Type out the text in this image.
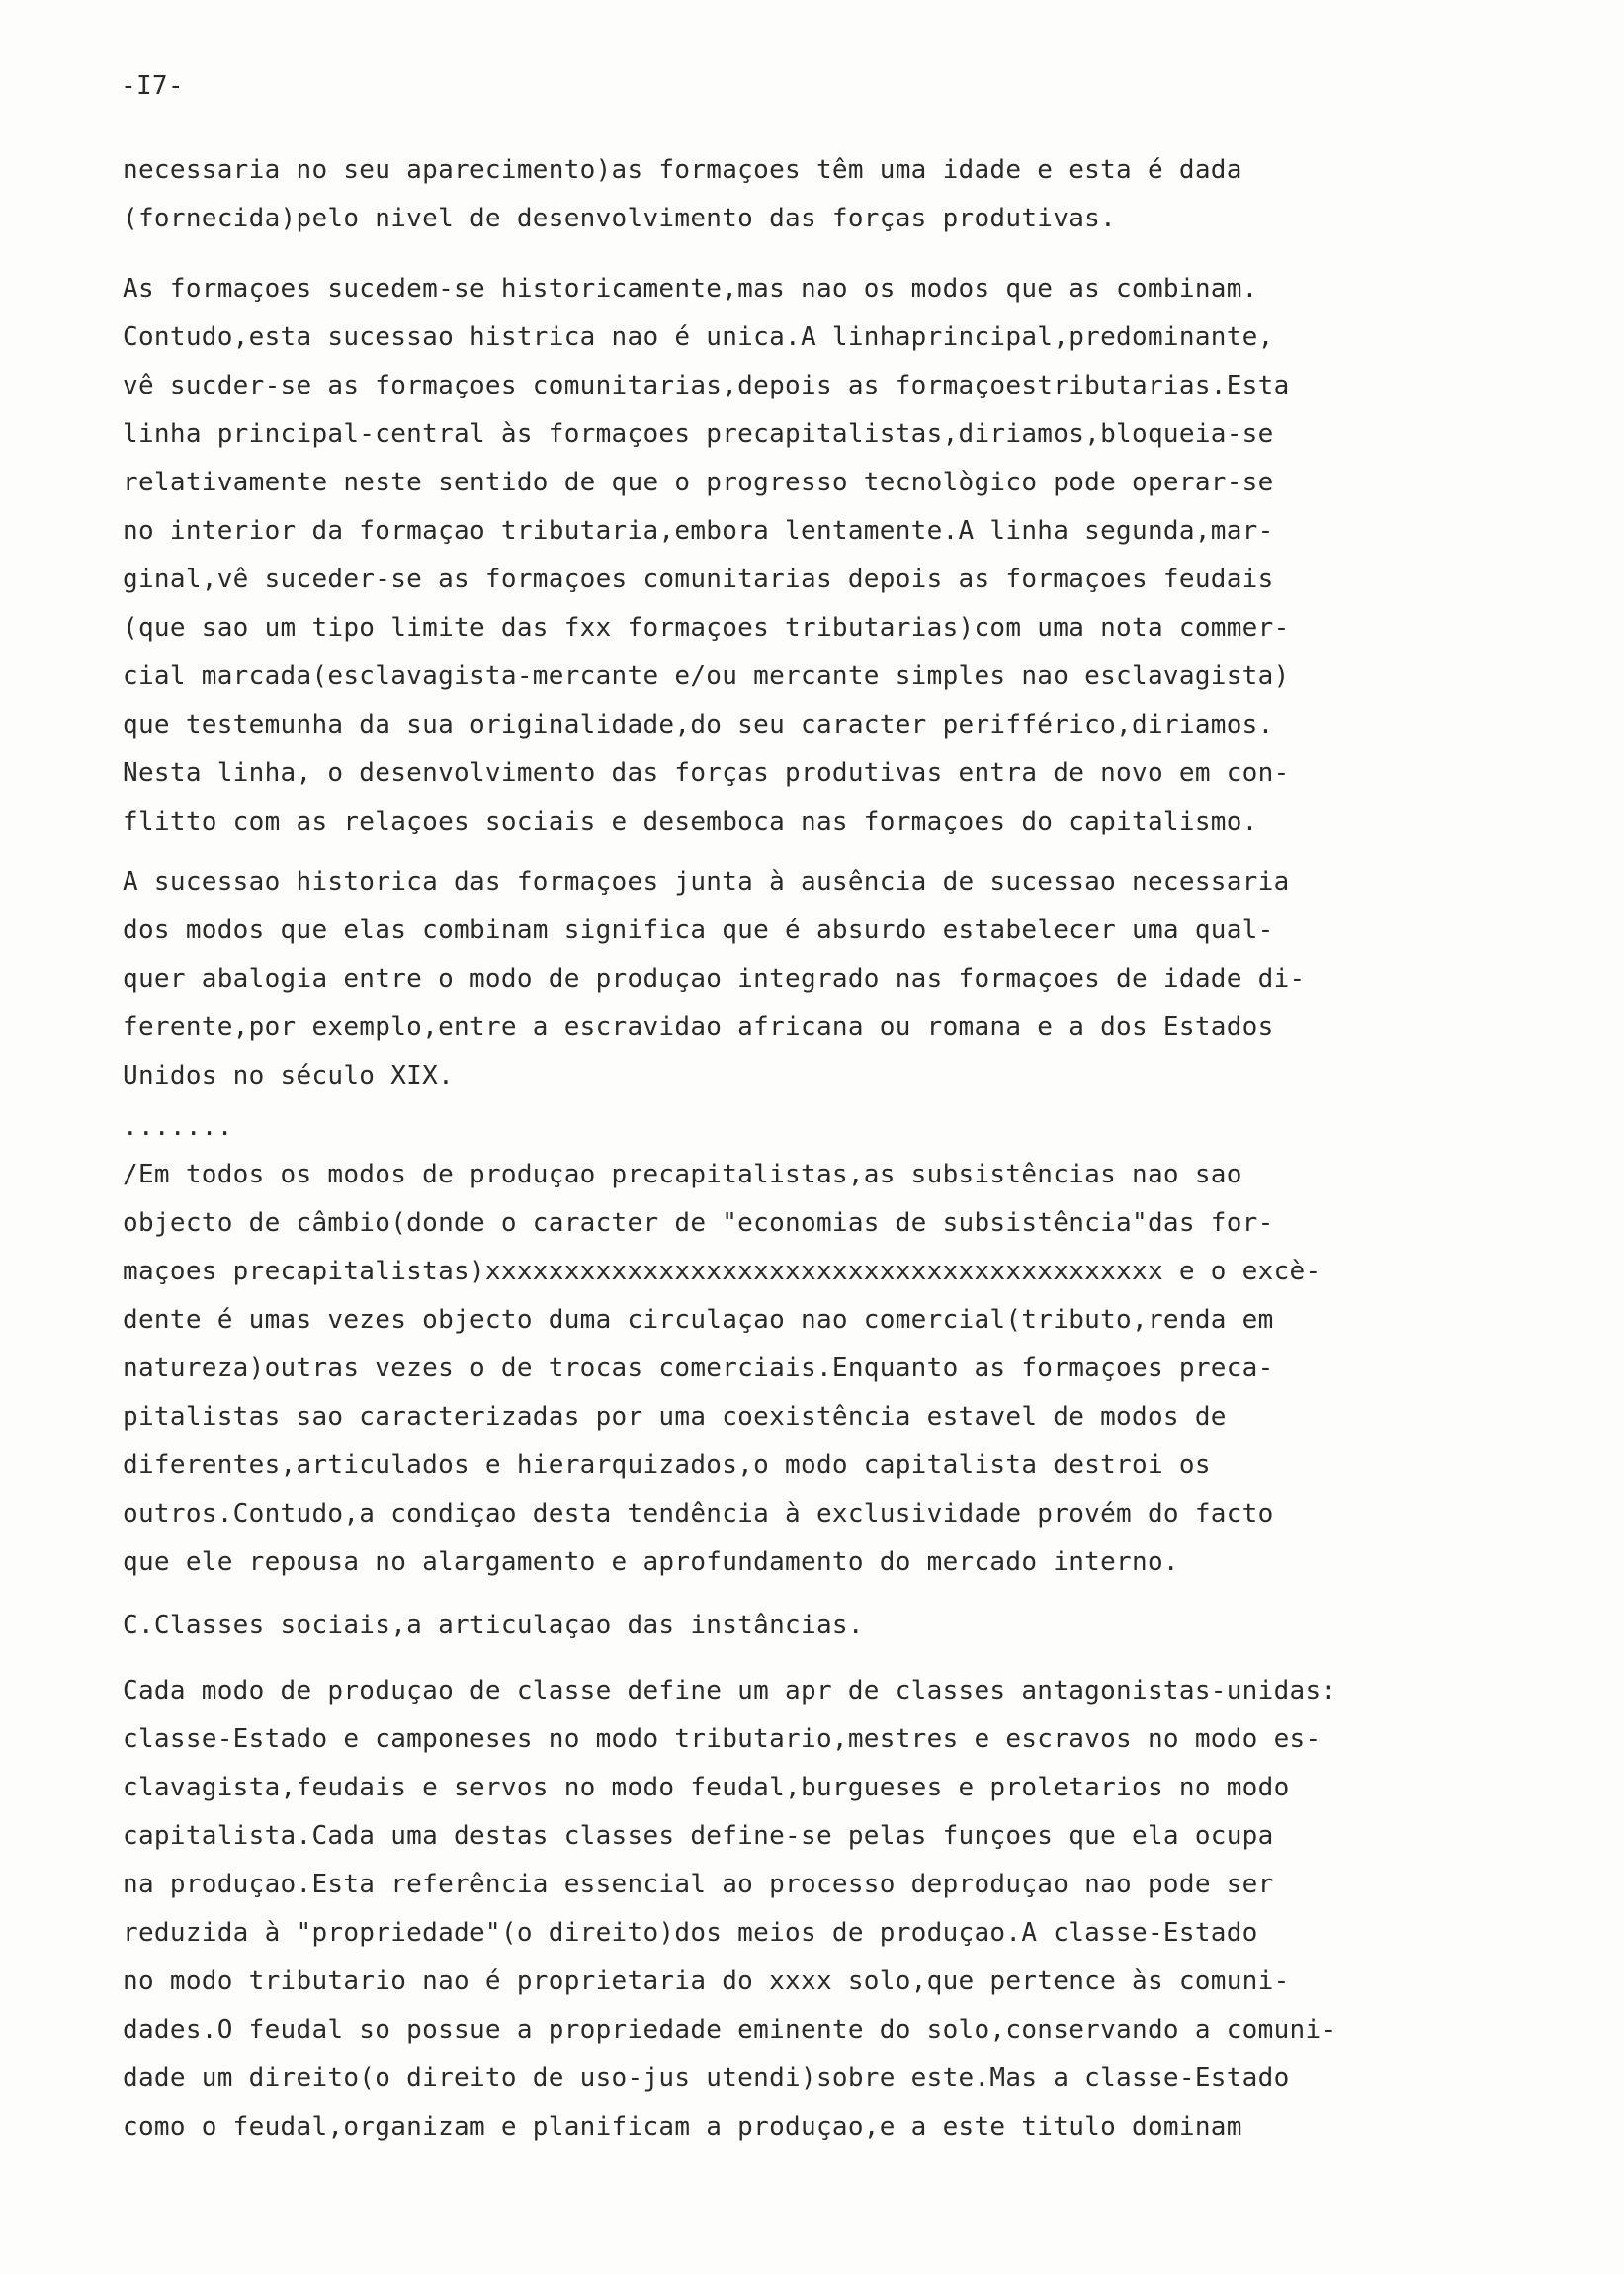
-I7-
necessaria no seu aparecimento)as formaçoes têm uma idade e esta é dada
(fornecida)pelo nivel de desenvolvimento das forças produtivas.
As formaçoes sucedem-se historicamente,mas nao os modos que as combinam.
Contudo,esta sucessao histrica nao é unica.A linhaprincipal,predominante,
vê sucder-se as formaçoes comunitarias,depois as formaçoestributarias.Esta
linha principal-central às formaçoes precapitalistas,diriamos,bloqueia-se
relativamente neste sentido de que o progresso tecnològico pode operar-se
no interior da formaçao tributaria,embora lentamente.A linha segunda,mar-
ginal,vê suceder-se as formaçoes comunitarias depois as formaçoes feudais
(que sao um tipo limite das fxx formaçoes tributarias)com uma nota commer-
cial marcada(esclavagista-mercante e/ou mercante simples nao esclavagista)
que testemunha da sua originalidade,do seu caracter perifférico,diriamos.
Nesta linha, o desenvolvimento das forças produtivas entra de novo em con-
flitto com as relaçoes sociais e desemboca nas formaçoes do capitalismo.
A sucessao historica das formaçoes junta à ausência de sucessao necessaria
dos modos que elas combinam significa que é absurdo estabelecer uma qual-
quer abalogia entre o modo de produçao integrado nas formaçoes de idade di-
ferente,por exemplo,entre a escravidao africana ou romana e a dos Estados
Unidos no século XIX.
.......
/Em todos os modos de produçao precapitalistas,as subsistências nao sao
objecto de câmbio(donde o caracter de "economias de subsistência"das for-
maçoes precapitalistas)xxxxxxxxxxxxxxxxxxxxxxxxxxxxxxxxxxxxxxxxxxx e o excè-
dente é umas vezes objecto duma circulaçao nao comercial(tributo,renda em
natureza)outras vezes o de trocas comerciais.Enquanto as formaçoes preca-
pitalistas sao caracterizadas por uma coexistência estavel de modos de
diferentes,articulados e hierarquizados,o modo capitalista destroi os
outros.Contudo,a condiçao desta tendência à exclusividade provém do facto
que ele repousa no alargamento e aprofundamento do mercado interno.
C.Classes sociais,a articulaçao das instâncias.
Cada modo de produçao de classe define um apr de classes antagonistas-unidas:
classe-Estado e camponeses no modo tributario,mestres e escravos no modo es-
clavagista,feudais e servos no modo feudal,burgueses e proletarios no modo
capitalista.Cada uma destas classes define-se pelas funçoes que ela ocupa
na produçao.Esta referência essencial ao processo deproduçao nao pode ser
reduzida à "propriedade"(o direito)dos meios de produçao.A classe-Estado
no modo tributario nao é proprietaria do xxxx solo,que pertence às comuni-
dades.O feudal so possue a propriedade eminente do solo,conservando a comuni-
dade um direito(o direito de uso-jus utendi)sobre este.Mas a classe-Estado
como o feudal,organizam e planificam a produçao,e a este titulo dominam
